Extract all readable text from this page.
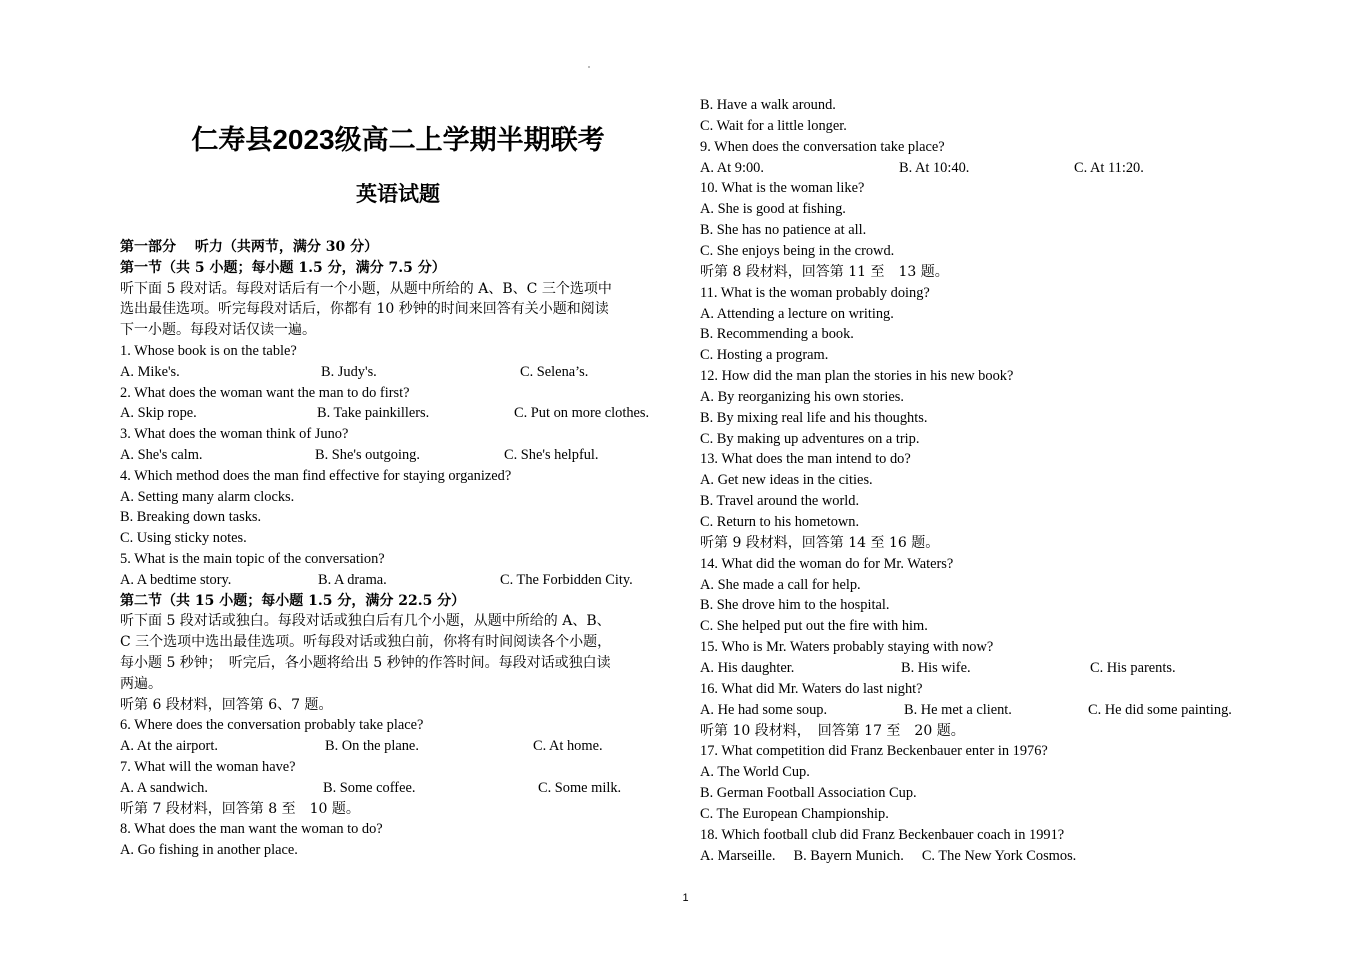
仁寿县2023级高二上学期半期联考
英语试题
第一部分　 听力（共两节，满分 30 分）
第一节（共 5 小题；每小题 1.5 分，满分 7.5 分）
听下面 5 段对话。每段对话后有一个小题，从题中所给的 A、B、C 三个选项中
选出最佳选项。听完每段对话后，你都有 10 秒钟的时间来回答有关小题和阅读
下一小题。每段对话仅读一遍。
1. Whose book is on the table?
A. Mike's.	B. Judy's.	C. Selena’s.
2. What does the woman want the man to do first?
A. Skip rope.	B. Take painkillers.	C. Put on more clothes.
3. What does the woman think of Juno?
A. She's calm.	B. She's outgoing.	C. She's helpful.
4. Which method does the man find effective for staying organized?
A. Setting many alarm clocks.
B. Breaking down tasks.
C. Using sticky notes.
5. What is the main topic of the conversation?
A. A bedtime story.	B. A drama.	C. The Forbidden City.
第二节（共 15 小题；每小题 1.5 分，满分 22.5 分）
听下面 5 段对话或独白。每段对话或独白后有几个小题，从题中所给的 A、B、
C 三个选项中选出最佳选项。听每段对话或独白前，你将有时间阅读各个小题，
每小题 5 秒钟；　听完后，各小题将给出 5 秒钟的作答时间。每段对话或独白读
两遍。
听第 6 段材料，回答第 6、7 题。
6. Where does the conversation probably take place?
A. At the airport.	B. On the plane.	C. At home.
7. What will the woman have?
A. A sandwich.	B. Some coffee.	C. Some milk.
听第 7 段材料，回答第 8 至　10 题。
8. What does the man want the woman to do?
A. Go fishing in another place.
B. Have a walk around.
C. Wait for a little longer.
9. When does the conversation take place?
A. At 9:00.	B. At 10:40.	C. At 11:20.
10. What is the woman like?
A. She is good at fishing.
B. She has no patience at all.
C. She enjoys being in the crowd.
听第 8 段材料，回答第 11 至　13 题。
11. What is the woman probably doing?
A. Attending a lecture on writing.
B. Recommending a book.
C. Hosting a program.
12. How did the man plan the stories in his new book?
A. By reorganizing his own stories.
B. By mixing real life and his thoughts.
C. By making up adventures on a trip.
13. What does the man intend to do?
A. Get new ideas in the cities.
B. Travel around the world.
C. Return to his hometown.
听第 9 段材料，回答第 14 至 16 题。
14. What did the woman do for Mr. Waters?
A. She made a call for help.
B. She drove him to the hospital.
C. She helped put out the fire with him.
15. Who is Mr. Waters probably staying with now?
A. His daughter.	B. His wife.	C. His parents.
16. What did Mr. Waters do last night?
A. He had some soup.	B. He met a client.	C. He did some painting.
听第 10 段材料，　回答第 17 至　20 题。
17. What competition did Franz Beckenbauer enter in 1976?
A. The World Cup.
B. German Football Association Cup.
C. The European Championship.
18. Which football club did Franz Beckenbauer coach in 1991?
A. Marseille.　 B. Bayern Munich.　 C. The New York Cosmos.
1
